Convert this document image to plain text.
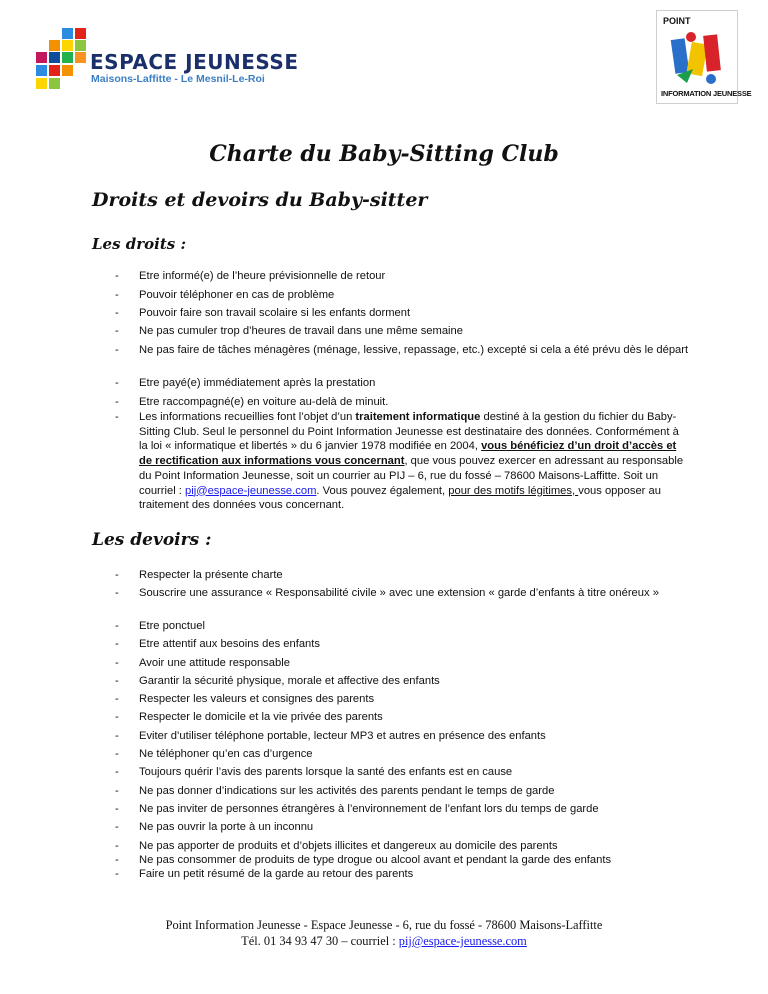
ESPACE JEUNESSE
Maisons-Laffitte - Le Mesnil-Le-Roi
POINT
INFORMATION JEUNESSE
Charte du Baby-Sitting Club
Droits et devoirs du Baby-sitter
Les droits :
- Etre informé(e) de l’heure prévisionnelle de retour
- Pouvoir téléphoner en cas de problème
- Pouvoir faire son travail scolaire si les enfants dorment
- Ne pas cumuler trop d’heures de travail dans une même semaine
- Ne pas faire de tâches ménagères (ménage, lessive, repassage, etc.) excepté si cela a été prévu dès le départ
- Etre payé(e) immédiatement après la prestation
- Etre raccompagné(e) en voiture au-delà de minuit.
- Les informations recueillies font l’objet d’un traitement informatique destiné à la gestion du fichier du Baby-Sitting Club. Seul le personnel du Point Information Jeunesse est destinataire des données. Conformément à la loi « informatique et libertés » du 6 janvier 1978 modifiée en 2004, vous bénéficiez d’un droit d’accès et de rectification aux informations vous concernant, que vous pouvez exercer en adressant au responsable du Point Information Jeunesse, soit un courrier au PIJ – 6, rue du fossé – 78600 Maisons-Laffitte. Soit un courriel : pij@espace-jeunesse.com. Vous pouvez également, pour des motifs légitimes, vous opposer au traitement des données vous concernant.
Les devoirs :
- Respecter la présente charte
- Souscrire une assurance « Responsabilité civile » avec une extension « garde d’enfants à titre onéreux »
- Etre ponctuel
- Etre attentif aux besoins des enfants
- Avoir une attitude responsable
- Garantir la sécurité physique, morale et affective des enfants
- Respecter les valeurs et consignes des parents
- Respecter le domicile et la vie privée des parents
- Eviter d’utiliser téléphone portable, lecteur MP3 et autres en présence des enfants
- Ne téléphoner qu’en cas d’urgence
- Toujours quérir l’avis des parents lorsque la santé des enfants est en cause
- Ne pas donner d’indications sur les activités des parents pendant le temps de garde
- Ne pas inviter de personnes étrangères à l’environnement de l’enfant lors du temps de garde
- Ne pas ouvrir la porte à un inconnu
- Ne pas apporter de produits et d’objets illicites et dangereux au domicile des parents
- Ne pas consommer de produits de type drogue ou alcool avant et pendant la garde des enfants
- Faire un petit résumé de la garde au retour des parents
Point Information Jeunesse - Espace Jeunesse - 6, rue du fossé - 78600 Maisons-Laffitte
Tél. 01 34 93 47 30 – courriel : pij@espace-jeunesse.com
